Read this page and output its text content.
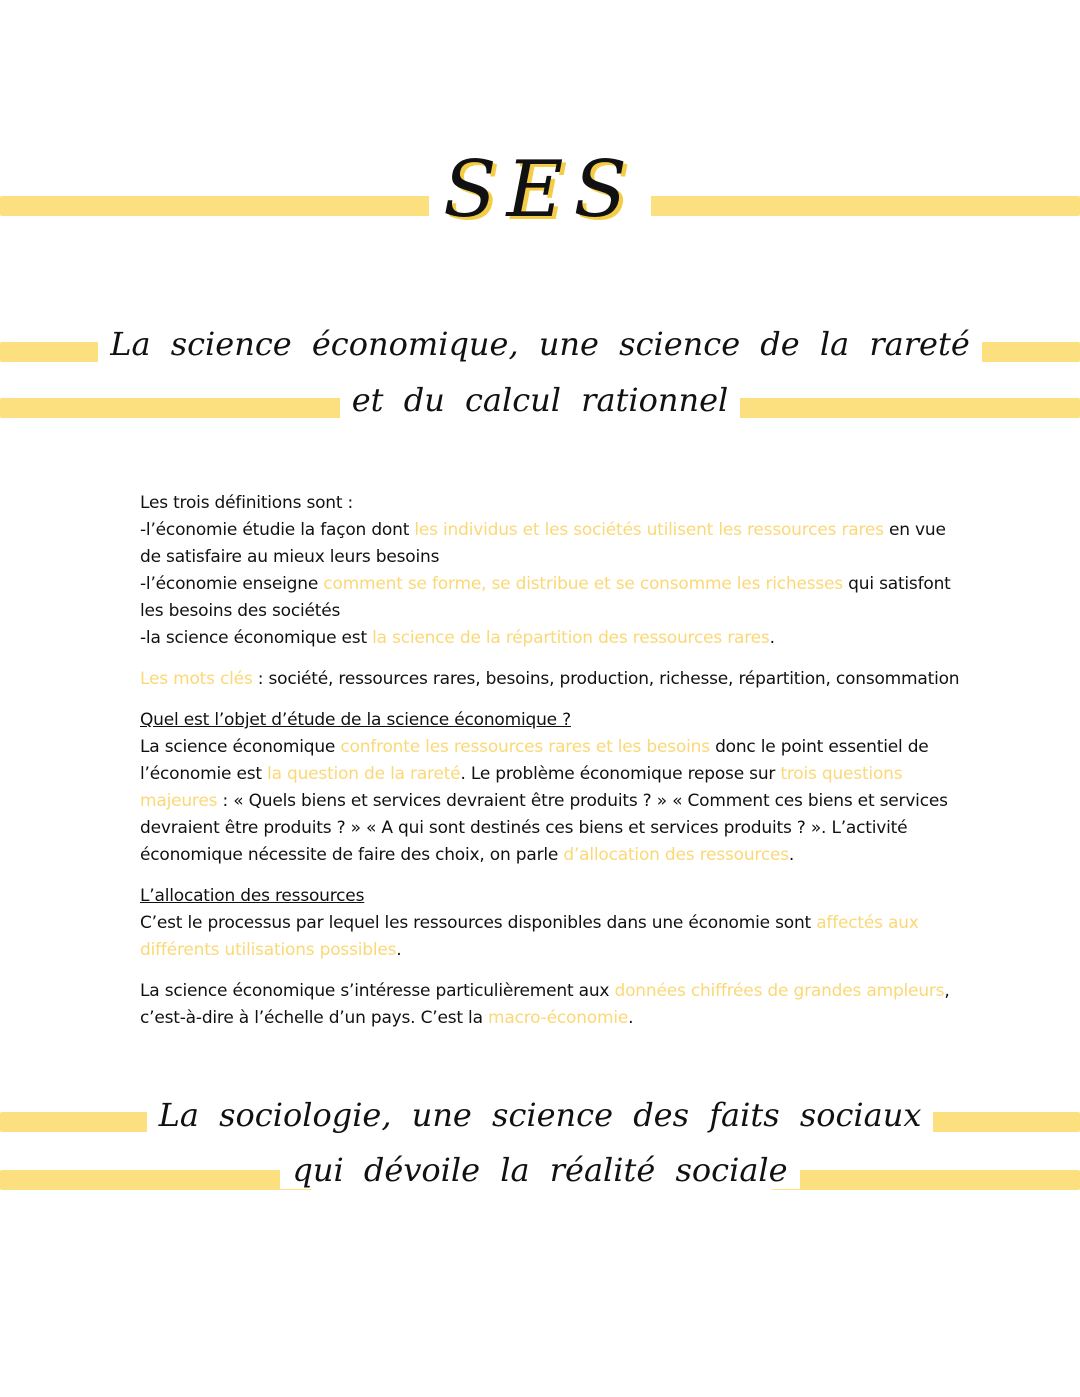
SES
La science économique, une science de la rareté
et du calcul rationnel

Les trois définitions sont :
-l’économie étudie la façon dont les individus et les sociétés utilisent les ressources rares en vue de satisfaire au mieux leurs besoins
-l’économie enseigne comment se forme, se distribue et se consomme les richesses qui satisfont les besoins des sociétés
-la science économique est la science de la répartition des ressources rares.

Les mots clés : société, ressources rares, besoins, production, richesse, répartition, consommation

Quel est l’objet d’étude de la science économique ?
La science économique confronte les ressources rares et les besoins donc le point essentiel de l’économie est la question de la rareté. Le problème économique repose sur trois questions majeures : « Quels biens et services devraient être produits ? » « Comment ces biens et services devraient être produits ? » « A qui sont destinés ces biens et services produits ? ». L’activité économique nécessite de faire des choix, on parle d’allocation des ressources.

L’allocation des ressources
C’est le processus par lequel les ressources disponibles dans une économie sont affectés aux différents utilisations possibles.

La science économique s’intéresse particulièrement aux données chiffrées de grandes ampleurs, c’est-à-dire à l’échelle d’un pays. C’est la macro-économie.

La sociologie, une science des faits sociaux
qui dévoile la réalité sociale
